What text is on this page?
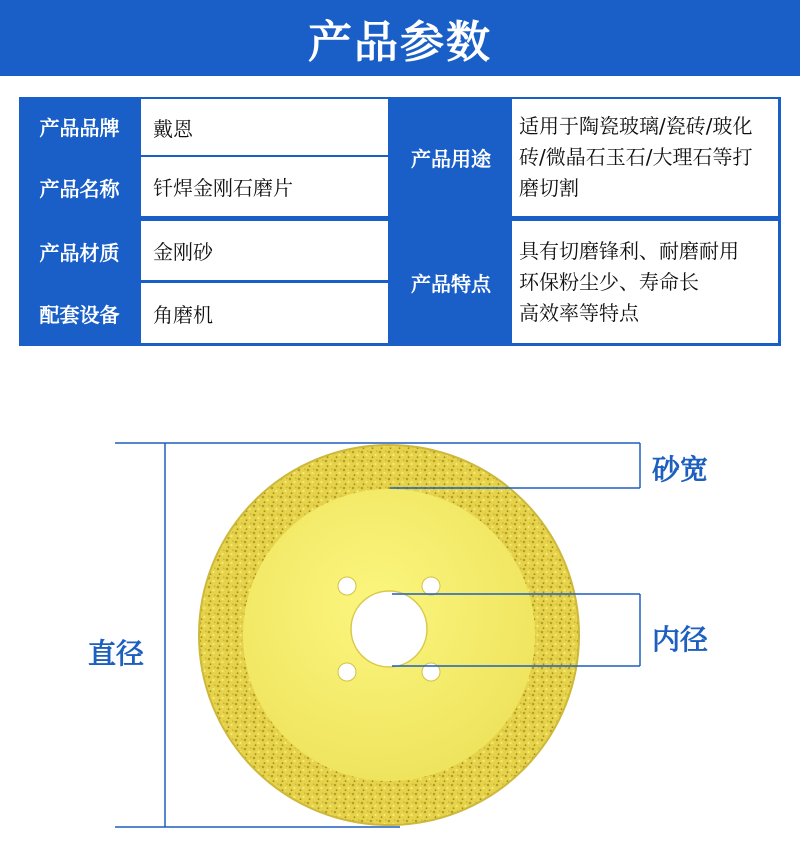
产品参数
产品品牌	戴恩
产品名称	钎焊金刚石磨片
产品材质	金刚砂
配套设备	角磨机
产品用途
适用于陶瓷玻璃/瓷砖/玻化砖/微晶石玉石/大理石等打磨切割
产品特点
具有切磨锋利、耐磨耐用
环保粉尘少、寿命长
高效率等特点
砂宽
内径
直径
